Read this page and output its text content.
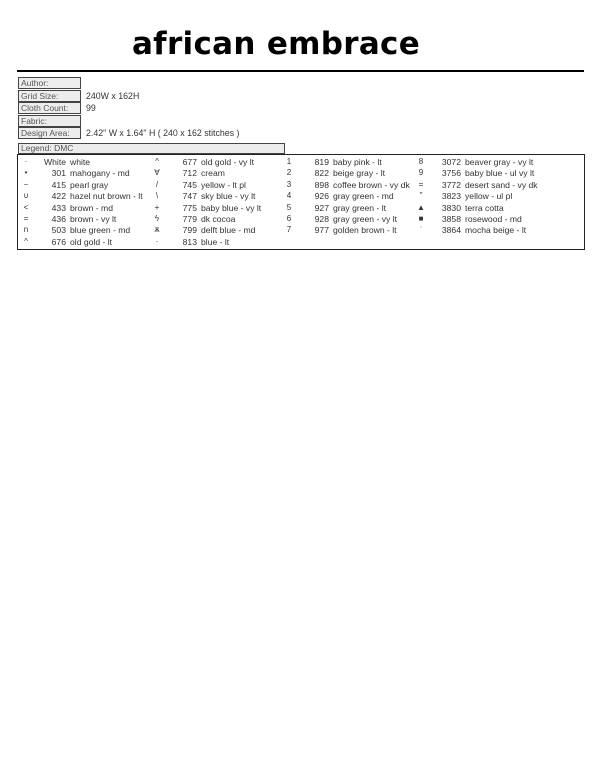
african embrace
Author:
Grid Size:	240W x 162H
Cloth Count:	99
Fabric:
Design Area:	2.42" W x 1.64" H ( 240 x 162 stitches )
Legend: DMC
·	White white
•	301 mahogany - md
−	415 pearl gray
υ	422 hazel nut brown - lt
<	433 brown - md
=	436 brown - vy lt
n	503 blue green - md
^	676 old gold - lt
^	677 old gold - vy lt
∀	712 cream
/	745 yellow - lt pl
\	747 sky blue - vy lt
+	775 baby blue - vy lt
ϟ	779 dk cocoa
ѫ	799 delft blue - md
·	813 blue - lt
1	819 baby pink - lt
2	822 beige gray - lt
3	898 coffee brown - vy dk
4	926 gray green - md
5	927 gray green - lt
6	928 gray green - vy lt
7	977 golden brown - lt
8	3072 beaver gray - vy lt
9	3756 baby blue - ul vy lt
=	3772 desert sand - vy dk
"	3823 yellow - ul pl
▲	3830 terra cotta
■	3858 rosewood - md
ˈ	3864 mocha beige - lt
